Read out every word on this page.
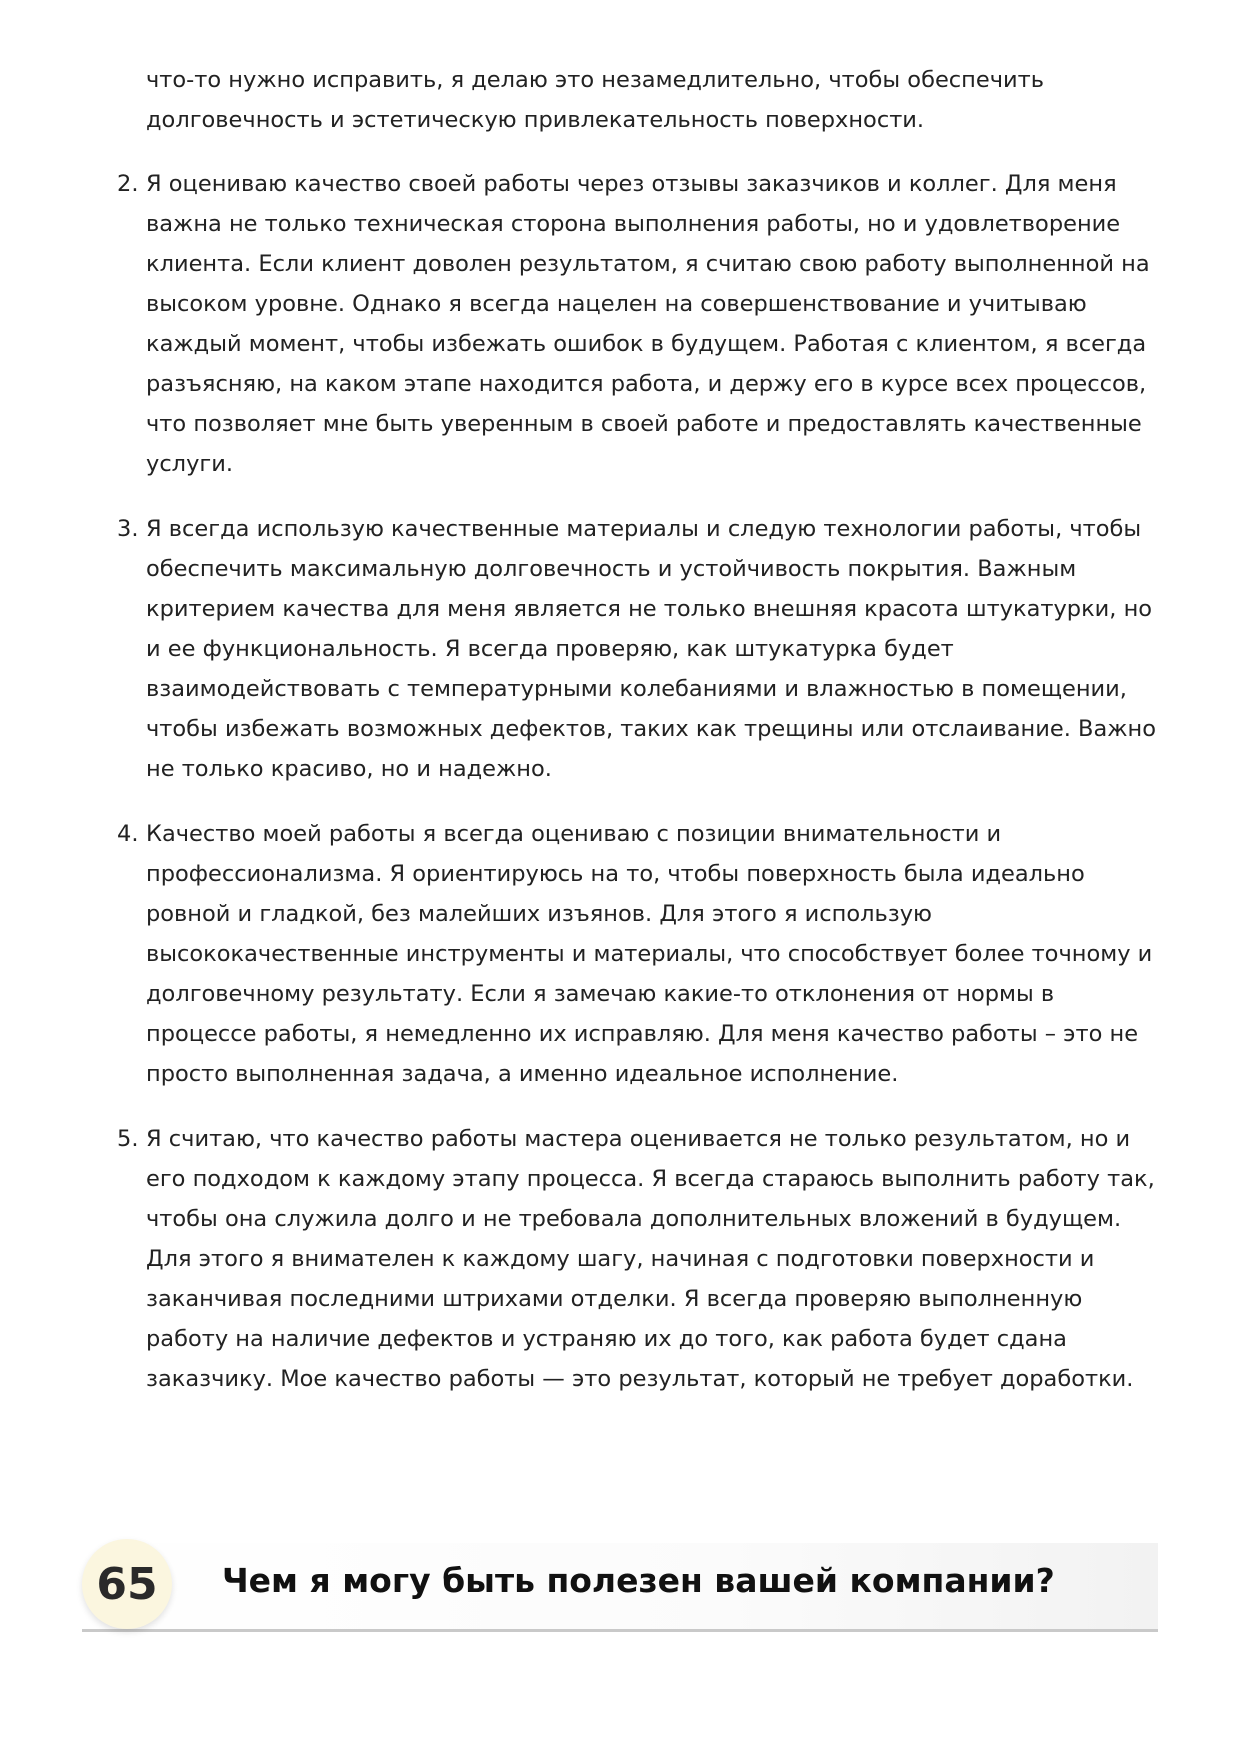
что-то нужно исправить, я делаю это незамедлительно, чтобы обеспечить долговечность и эстетическую привлекательность поверхности.

2. Я оцениваю качество своей работы через отзывы заказчиков и коллег. Для меня важна не только техническая сторона выполнения работы, но и удовлетворение клиента. Если клиент доволен результатом, я считаю свою работу выполненной на высоком уровне. Однако я всегда нацелен на совершенствование и учитываю каждый момент, чтобы избежать ошибок в будущем. Работая с клиентом, я всегда разъясняю, на каком этапе находится работа, и держу его в курсе всех процессов, что позволяет мне быть уверенным в своей работе и предоставлять качественные услуги.
3. Я всегда использую качественные материалы и следую технологии работы, чтобы обеспечить максимальную долговечность и устойчивость покрытия. Важным критерием качества для меня является не только внешняя красота штукатурки, но и ее функциональность. Я всегда проверяю, как штукатурка будет взаимодействовать с температурными колебаниями и влажностью в помещении, чтобы избежать возможных дефектов, таких как трещины или отслаивание. Важно не только красиво, но и надежно.
4. Качество моей работы я всегда оцениваю с позиции внимательности и профессионализма. Я ориентируюсь на то, чтобы поверхность была идеально ровной и гладкой, без малейших изъянов. Для этого я использую высококачественные инструменты и материалы, что способствует более точному и долговечному результату. Если я замечаю какие-то отклонения от нормы в процессе работы, я немедленно их исправляю. Для меня качество работы – это не просто выполненная задача, а именно идеальное исполнение.
5. Я считаю, что качество работы мастера оценивается не только результатом, но и его подходом к каждому этапу процесса. Я всегда стараюсь выполнить работу так, чтобы она служила долго и не требовала дополнительных вложений в будущем. Для этого я внимателен к каждому шагу, начиная с подготовки поверхности и заканчивая последними штрихами отделки. Я всегда проверяю выполненную работу на наличие дефектов и устраняю их до того, как работа будет сдана заказчику. Мое качество работы — это результат, который не требует доработки.
65 Чем я могу быть полезен вашей компании?
